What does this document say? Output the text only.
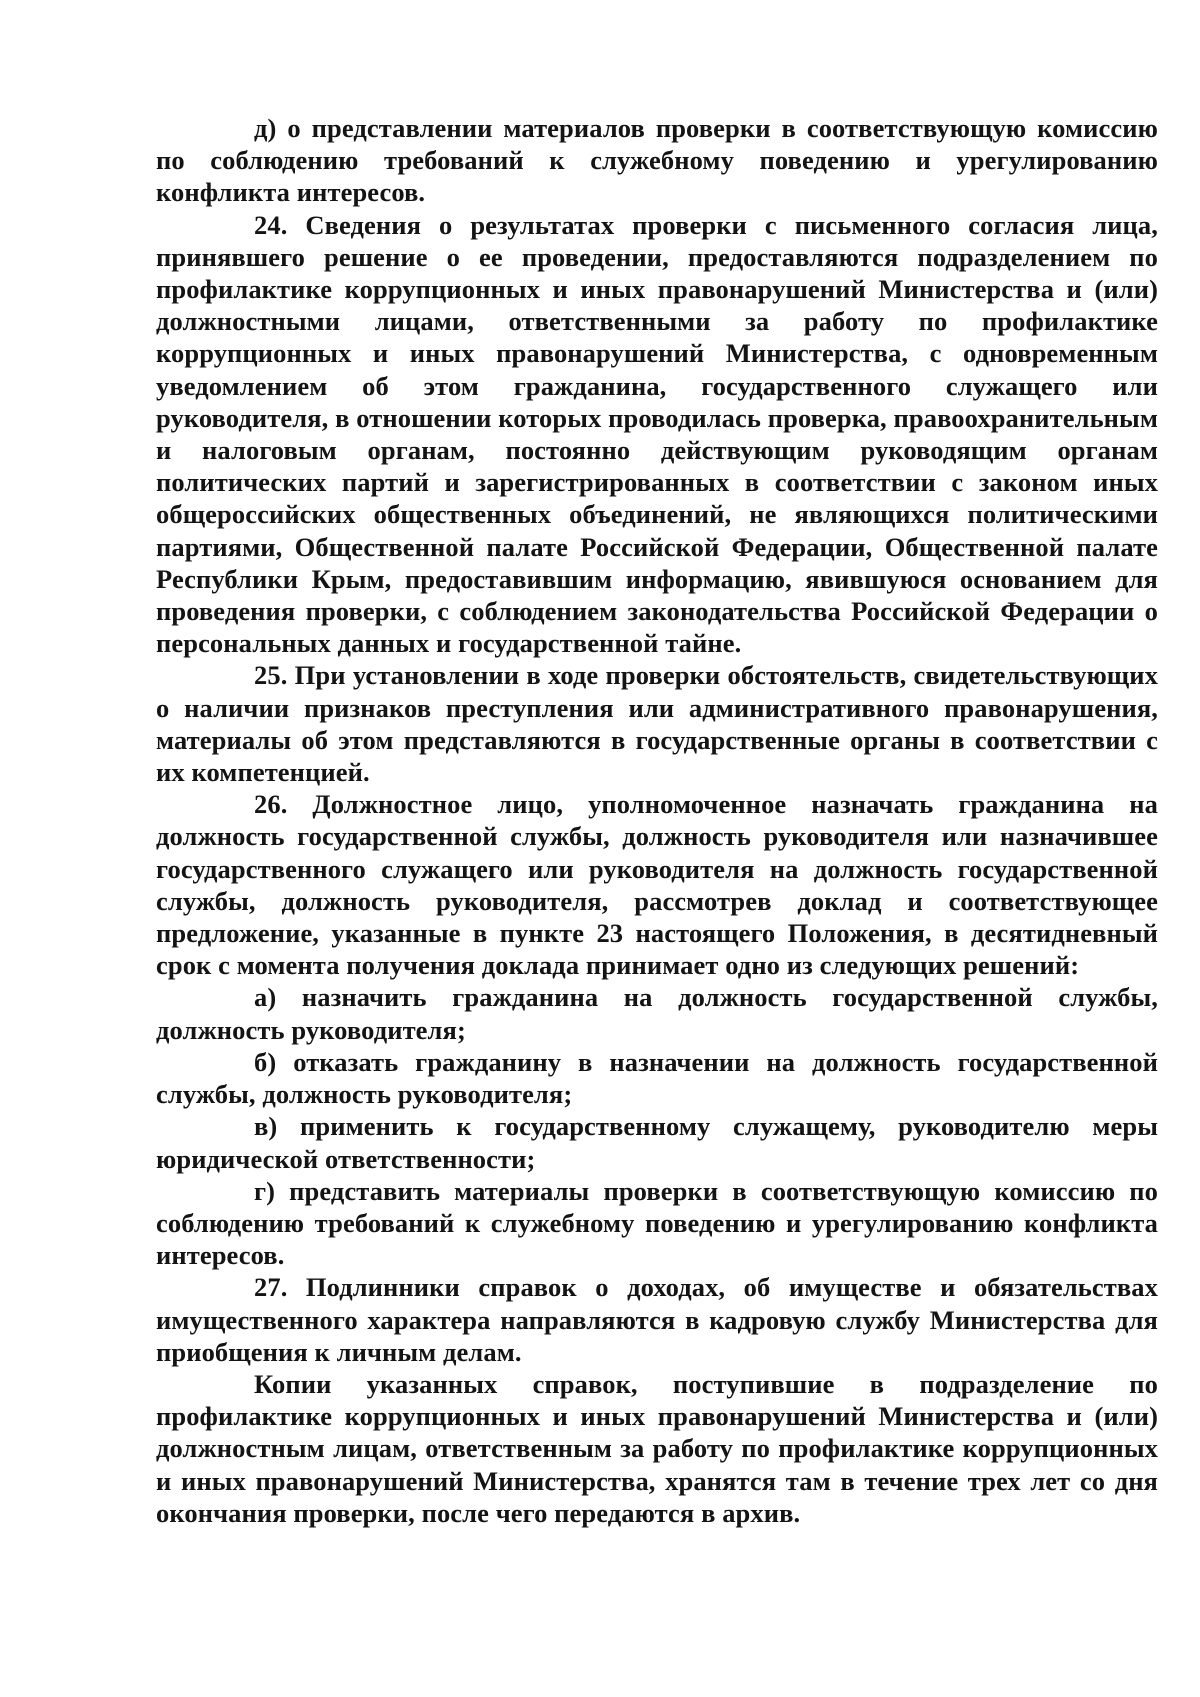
д) о представлении материалов проверки в соответствующую комиссию по соблюдению требований к служебному поведению и урегулированию конфликта интересов.

24. Сведения о результатах проверки с письменного согласия лица, принявшего решение о ее проведении, предоставляются подразделением по профилактике коррупционных и иных правонарушений Министерства и (или) должностными лицами, ответственными за работу по профилактике коррупционных и иных правонарушений Министерства, с одновременным уведомлением об этом гражданина, государственного служащего или руководителя, в отношении которых проводилась проверка, правоохранительным и налоговым органам, постоянно действующим руководящим органам политических партий и зарегистрированных в соответствии с законом иных общероссийских общественных объединений, не являющихся политическими партиями, Общественной палате Российской Федерации, Общественной палате Республики Крым, предоставившим информацию, явившуюся основанием для проведения проверки, с соблюдением законодательства Российской Федерации о персональных данных и государственной тайне.

25. При установлении в ходе проверки обстоятельств, свидетельствующих о наличии признаков преступления или административного правонарушения, материалы об этом представляются в государственные органы в соответствии с их компетенцией.

26. Должностное лицо, уполномоченное назначать гражданина на должность государственной службы, должность руководителя или назначившее государственного служащего или руководителя на должность государственной службы, должность руководителя, рассмотрев доклад и соответствующее предложение, указанные в пункте 23 настоящего Положения, в десятидневный срок с момента получения доклада принимает одно из следующих решений:

а) назначить гражданина на должность государственной службы, должность руководителя;

б) отказать гражданину в назначении на должность государственной службы, должность руководителя;

в) применить к государственному служащему, руководителю меры юридической ответственности;

г) представить материалы проверки в соответствующую комиссию по соблюдению требований к служебному поведению и урегулированию конфликта интересов.

27. Подлинники справок о доходах, об имуществе и обязательствах имущественного характера направляются в кадровую службу Министерства для приобщения к личным делам.

Копии указанных справок, поступившие в подразделение по профилактике коррупционных и иных правонарушений Министерства и (или) должностным лицам, ответственным за работу по профилактике коррупционных и иных правонарушений Министерства, хранятся там в течение трех лет со дня окончания проверки, после чего передаются в архив.
